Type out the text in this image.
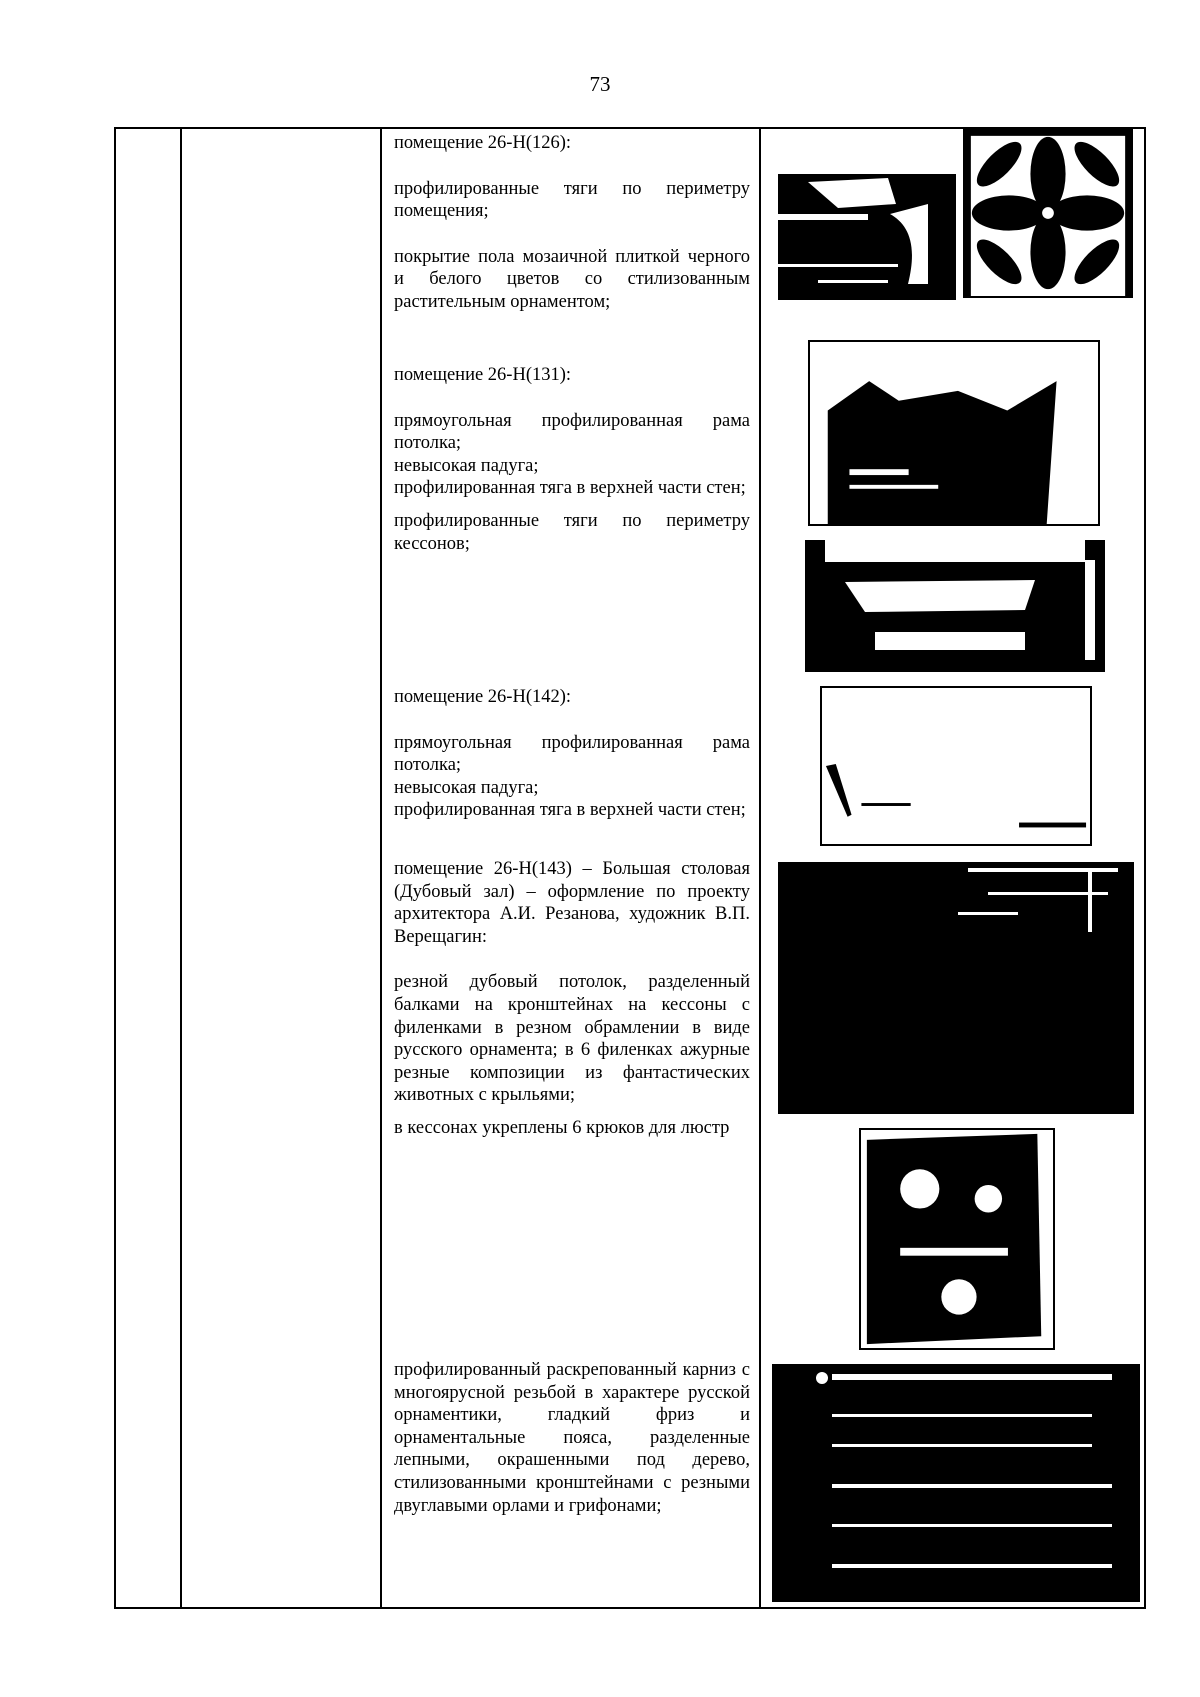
73

помещение 26-Н(126):

профилированные тяги по периметру помещения;

покрытие пола мозаичной плиткой черного и белого цветов со стилизованным растительным орнаментом;

помещение 26-Н(131):

прямоугольная профилированная рама потолка;

невысокая падуга;

профилированная тяга в верхней части стен;

профилированные тяги по периметру кессонов;

помещение 26-Н(142):

прямоугольная профилированная рама потолка;

невысокая падуга;

профилированная тяга в верхней части стен;

помещение 26-Н(143) – Большая столовая (Дубовый зал) – оформление по проекту архитектора А.И. Резанова, художник В.П. Верещагин:

резной дубовый потолок, разделенный балками на кронштейнах на кессоны с филенками в резном обрамлении в виде русского орнамента; в 6 филенках ажурные резные композиции из фантастических животных с крыльями;

в кессонах укреплены 6 крюков для люстр

профилированный раскрепованный карниз с многоярусной резьбой в характере русской орнаментики, гладкий фриз и орнаментальные пояса, разделенные лепными, окрашенными под дерево, стилизованными кронштейнами с резными двуглавыми орлами и грифонами;
